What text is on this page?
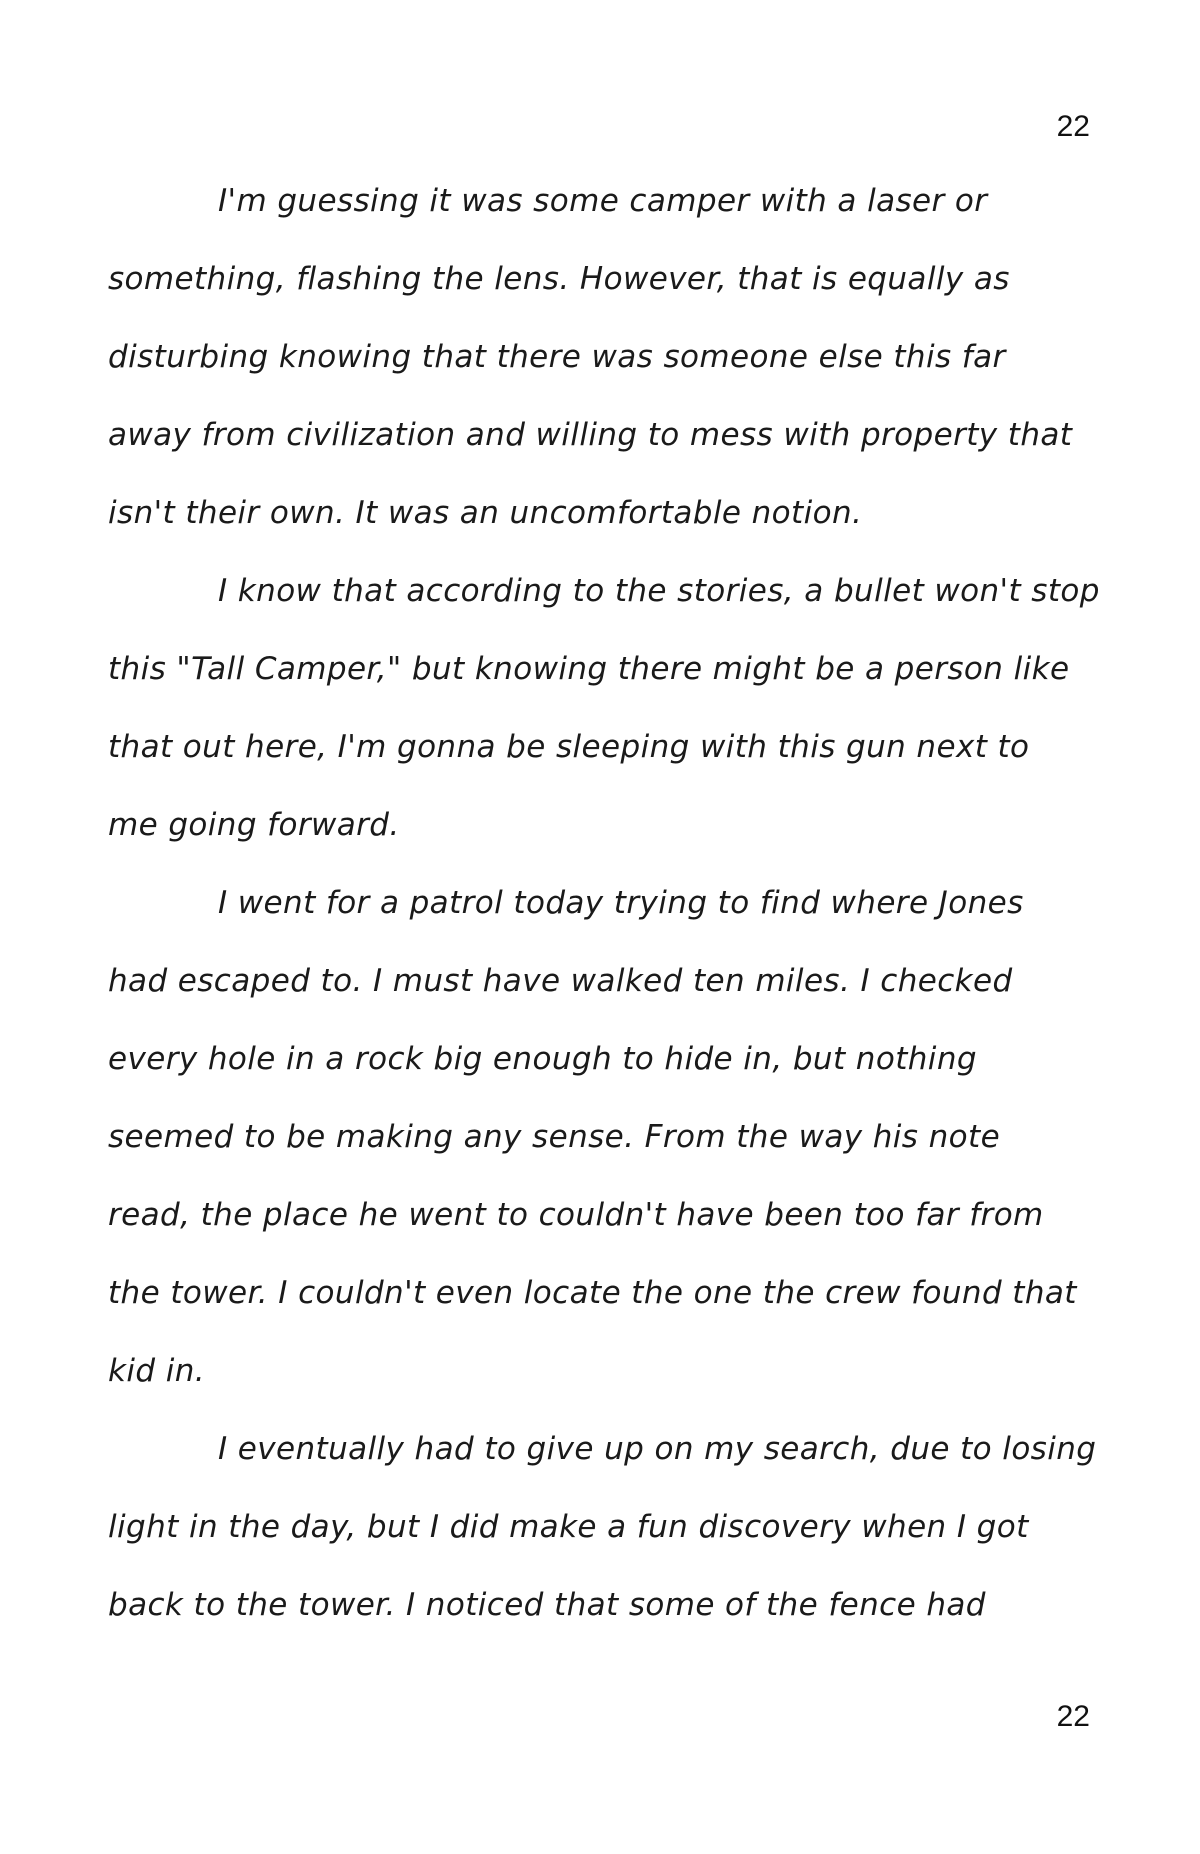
22
I'm guessing it was some camper with a laser or
something, flashing the lens. However, that is equally as
disturbing knowing that there was someone else this far
away from civilization and willing to mess with property that
isn't their own. It was an uncomfortable notion.
I know that according to the stories, a bullet won't stop
this "Tall Camper," but knowing there might be a person like
that out here, I'm gonna be sleeping with this gun next to
me going forward.
I went for a patrol today trying to find where Jones
had escaped to. I must have walked ten miles. I checked
every hole in a rock big enough to hide in, but nothing
seemed to be making any sense. From the way his note
read, the place he went to couldn't have been too far from
the tower. I couldn't even locate the one the crew found that
kid in.
I eventually had to give up on my search, due to losing
light in the day, but I did make a fun discovery when I got
back to the tower. I noticed that some of the fence had
22
